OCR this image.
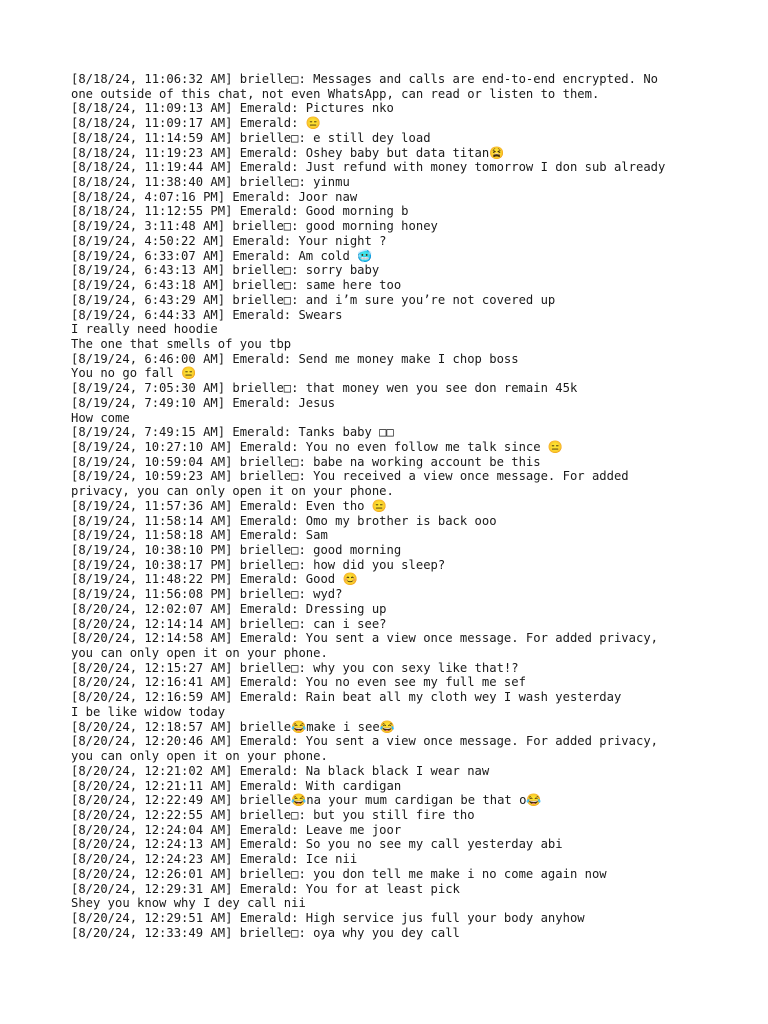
[8/18/24, 11:06:32 AM] brielle□: Messages and calls are end-to-end encrypted. No
one outside of this chat, not even WhatsApp, can read or listen to them.
[8/18/24, 11:09:13 AM] Emerald: Pictures nko
[8/18/24, 11:09:17 AM] Emerald: 😑
[8/18/24, 11:14:59 AM] brielle□: e still dey load
[8/18/24, 11:19:23 AM] Emerald: Oshey baby but data titan😫
[8/18/24, 11:19:44 AM] Emerald: Just refund with money tomorrow I don sub already
[8/18/24, 11:38:40 AM] brielle□: yinmu
[8/18/24, 4:07:16 PM] Emerald: Joor naw
[8/18/24, 11:12:55 PM] Emerald: Good morning b
[8/19/24, 3:11:48 AM] brielle□: good morning honey
[8/19/24, 4:50:22 AM] Emerald: Your night ?
[8/19/24, 6:33:07 AM] Emerald: Am cold 🥶
[8/19/24, 6:43:13 AM] brielle□: sorry baby
[8/19/24, 6:43:18 AM] brielle□: same here too
[8/19/24, 6:43:29 AM] brielle□: and i’m sure you’re not covered up
[8/19/24, 6:44:33 AM] Emerald: Swears
I really need hoodie
The one that smells of you tbp
[8/19/24, 6:46:00 AM] Emerald: Send me money make I chop boss
You no go fall 😑
[8/19/24, 7:05:30 AM] brielle□: that money wen you see don remain 45k
[8/19/24, 7:49:10 AM] Emerald: Jesus
How come
[8/19/24, 7:49:15 AM] Emerald: Tanks baby □□
[8/19/24, 10:27:10 AM] Emerald: You no even follow me talk since 😑
[8/19/24, 10:59:04 AM] brielle□: babe na working account be this
[8/19/24, 10:59:23 AM] brielle□: You received a view once message. For added
privacy, you can only open it on your phone.
[8/19/24, 11:57:36 AM] Emerald: Even tho 😑
[8/19/24, 11:58:14 AM] Emerald: Omo my brother is back ooo
[8/19/24, 11:58:18 AM] Emerald: Sam
[8/19/24, 10:38:10 PM] brielle□: good morning
[8/19/24, 10:38:17 PM] brielle□: how did you sleep?
[8/19/24, 11:48:22 PM] Emerald: Good 😊
[8/19/24, 11:56:08 PM] brielle□: wyd?
[8/20/24, 12:02:07 AM] Emerald: Dressing up
[8/20/24, 12:14:14 AM] brielle□: can i see?
[8/20/24, 12:14:58 AM] Emerald: You sent a view once message. For added privacy,
you can only open it on your phone.
[8/20/24, 12:15:27 AM] brielle□: why you con sexy like that!?
[8/20/24, 12:16:41 AM] Emerald: You no even see my full me sef
[8/20/24, 12:16:59 AM] Emerald: Rain beat all my cloth wey I wash yesterday
I be like widow today
[8/20/24, 12:18:57 AM] brielle😂make i see😂
[8/20/24, 12:20:46 AM] Emerald: You sent a view once message. For added privacy,
you can only open it on your phone.
[8/20/24, 12:21:02 AM] Emerald: Na black black I wear naw
[8/20/24, 12:21:11 AM] Emerald: With cardigan
[8/20/24, 12:22:49 AM] brielle😂na your mum cardigan be that o😂
[8/20/24, 12:22:55 AM] brielle□: but you still fire tho
[8/20/24, 12:24:04 AM] Emerald: Leave me joor
[8/20/24, 12:24:13 AM] Emerald: So you no see my call yesterday abi
[8/20/24, 12:24:23 AM] Emerald: Ice nii
[8/20/24, 12:26:01 AM] brielle□: you don tell me make i no come again now
[8/20/24, 12:29:31 AM] Emerald: You for at least pick
Shey you know why I dey call nii
[8/20/24, 12:29:51 AM] Emerald: High service jus full your body anyhow
[8/20/24, 12:33:49 AM] brielle□: oya why you dey call
